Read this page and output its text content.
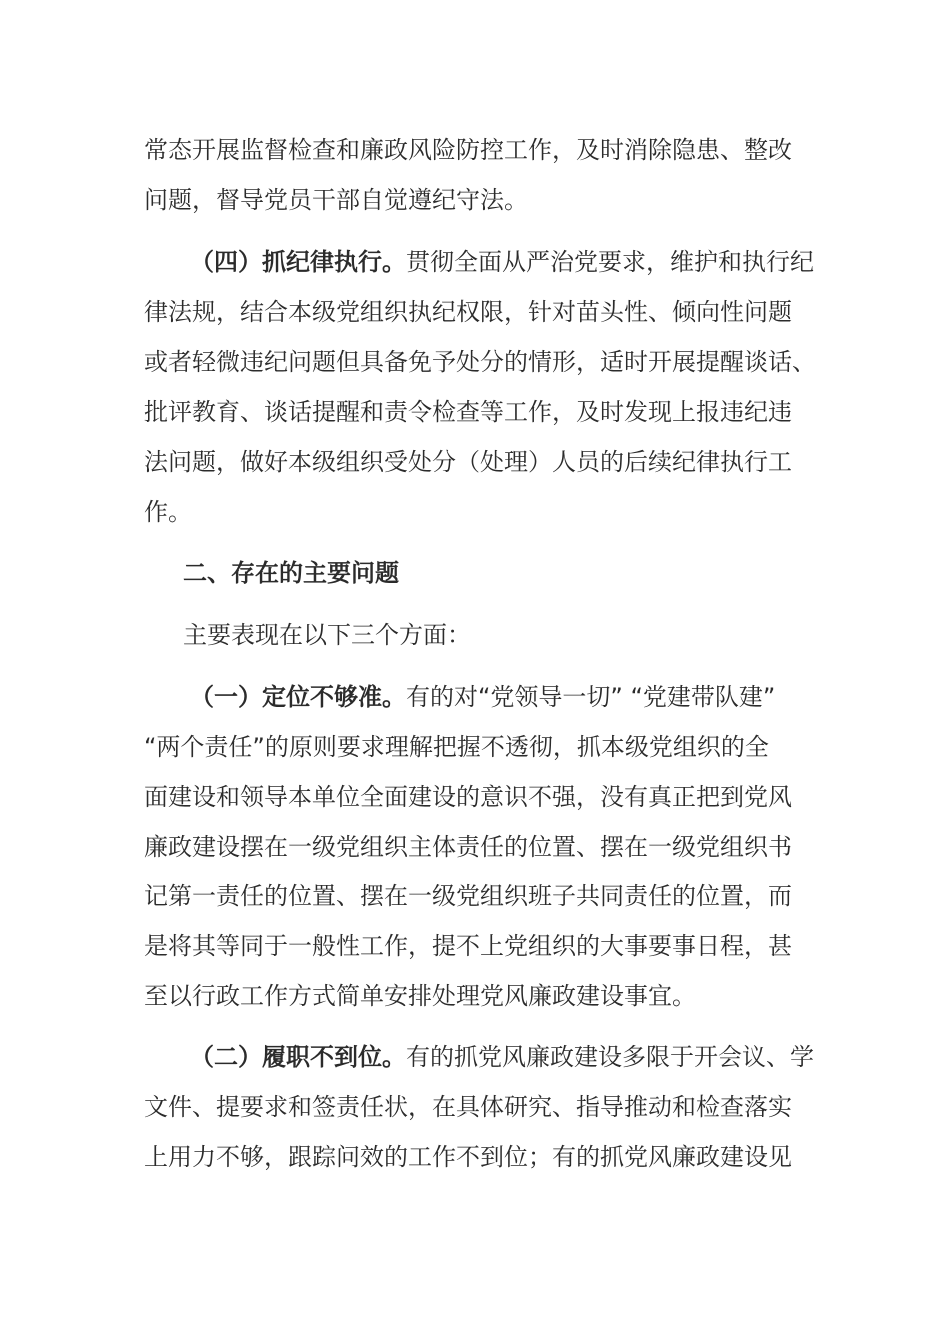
常态开展监督检查和廉政风险防控工作，及时消除隐患、整改
问题，督导党员干部自觉遵纪守法。
（四）抓纪律执行。贯彻全面从严治党要求，维护和执行纪
律法规，结合本级党组织执纪权限，针对苗头性、倾向性问题
或者轻微违纪问题但具备免予处分的情形，适时开展提醒谈话、
批评教育、谈话提醒和责令检查等工作，及时发现上报违纪违
法问题，做好本级组织受处分（处理）人员的后续纪律执行工
作。
二、存在的主要问题
主要表现在以下三个方面：
（一）定位不够准。有的对“党领导一切” “党建带队建”
“两个责任”的原则要求理解把握不透彻，抓本级党组织的全
面建设和领导本单位全面建设的意识不强，没有真正把到党风
廉政建设摆在一级党组织主体责任的位置、摆在一级党组织书
记第一责任的位置、摆在一级党组织班子共同责任的位置，而
是将其等同于一般性工作，提不上党组织的大事要事日程，甚
至以行政工作方式简单安排处理党风廉政建设事宜。
（二）履职不到位。有的抓党风廉政建设多限于开会议、学
文件、提要求和签责任状，在具体研究、指导推动和检查落实
上用力不够，跟踪问效的工作不到位；有的抓党风廉政建设见
